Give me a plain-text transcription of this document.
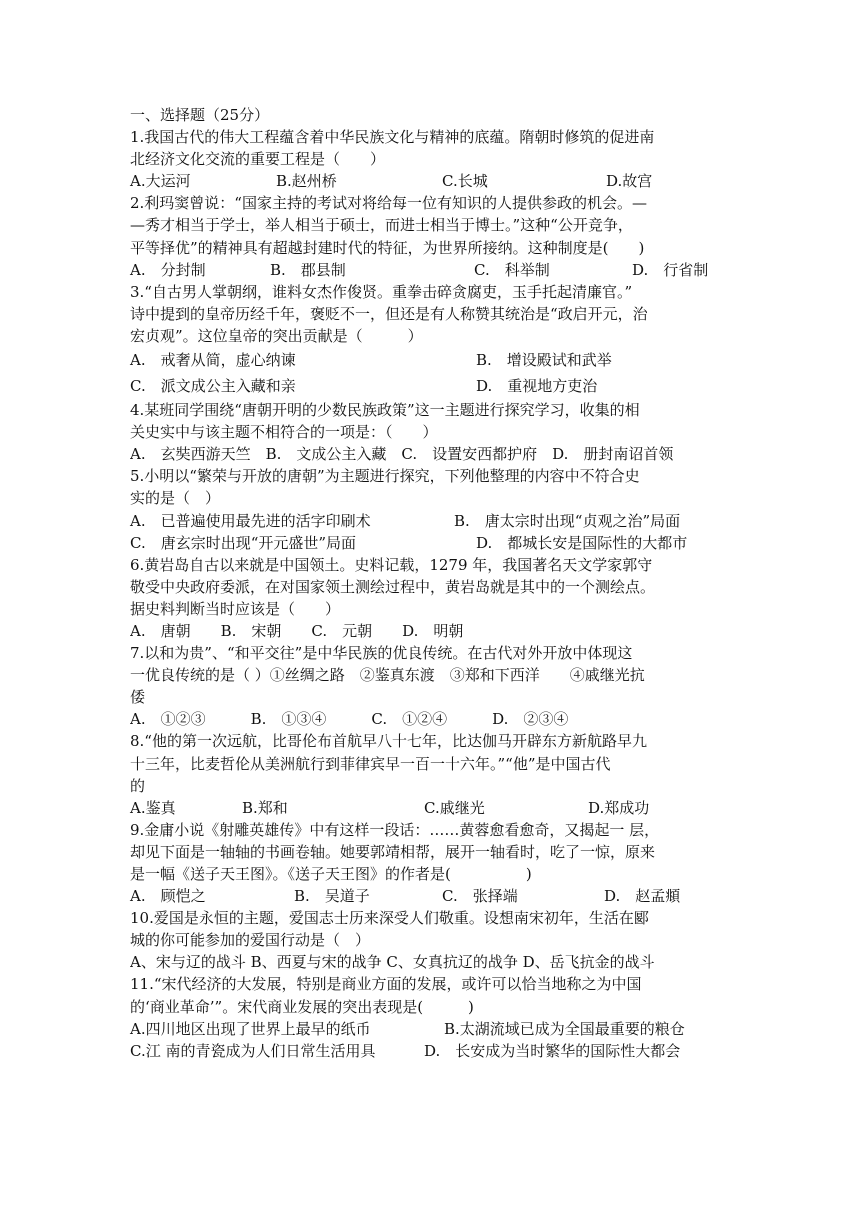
一、选择题（25分）
1.我国古代的伟大工程蕴含着中华民族文化与精神的底蕴。隋朝时修筑的促进南
北经济文化交流的重要工程是（　　）
A.大运河	B.赵州桥	C.长城	D.故宫
2.利玛窦曾说：“国家主持的考试对将给每一位有知识的人提供参政的机会。—
—秀才相当于学士，举人相当于硕士，而进士相当于博士。”这种“公开竞争，
平等择优”的精神具有超越封建时代的特征，为世界所接纳。这种制度是(　　)
A.　分封制	B.　郡县制	C.　科举制	D.　行省制
3.“自古男人掌朝纲，谁料女杰作俊贤。重拳击碎贪腐吏，玉手托起清廉官。”
诗中提到的皇帝历经千年，褒贬不一，但还是有人称赞其统治是“政启开元，治
宏贞观”。这位皇帝的突出贡献是（　　　）
A.　戒奢从简，虚心纳谏	B.　增设殿试和武举
C.　派文成公主入藏和亲	D.　重视地方吏治
4.某班同学围绕“唐朝开明的少数民族政策”这一主题进行探究学习，收集的相
关史实中与该主题不相符合的一项是：（　　）
A.　玄奘西游天竺　B.　文成公主入藏　C.　设置安西都护府　D.　册封南诏首领
5.小明以“繁荣与开放的唐朝”为主题进行探究，下列他整理的内容中不符合史
实的是（　）
A.　已普遍使用最先进的活字印刷术	B.　唐太宗时出现“贞观之治”局面
C.　唐玄宗时出现“开元盛世”局面	D.　都城长安是国际性的大都市
6.黄岩岛自古以来就是中国领土。史料记载，1279 年，我国著名天文学家郭守
敬受中央政府委派，在对国家领土测绘过程中，黄岩岛就是其中的一个测绘点。
据史料判断当时应该是（　　）
A.　唐朝　　B.　宋朝　　C.　元朝　　D.　明朝
7.以和为贵”、“和平交往”是中华民族的优良传统。在古代对外开放中体现这
一优良传统的是（ ）①丝绸之路　②鉴真东渡　③郑和下西洋　　④戚继光抗
倭
A.　①②③　　　B.　①③④　　　C.　①②④　　　D.　②③④
8.“他的第一次远航，比哥伦布首航早八十七年，比达伽马开辟东方新航路早九
十三年，比麦哲伦从美洲航行到菲律宾早一百一十六年。”“他”是中国古代
的
A.鉴真	B.郑和	C.戚继光	D.郑成功
9.金庸小说《射雕英雄传》中有这样一段话：……黄蓉愈看愈奇，又揭起一 层，
却见下面是一轴轴的书画卷轴。她要郭靖相帮，展开一轴看时，吃了一惊，原来
是一幅《送子天王图》。《送子天王图》的作者是(　　　　　)
A.　顾恺之	B.　吴道子	C.　张择端	D.　赵孟頫
10.爱国是永恒的主题，爱国志士历来深受人们敬重。设想南宋初年，生活在郾
城的你可能参加的爱国行动是（　）
A、宋与辽的战斗 B、西夏与宋的战争 C、女真抗辽的战争 D、岳飞抗金的战斗
11.“宋代经济的大发展，特别是商业方面的发展，或许可以恰当地称之为中国
的‘商业革命’”。宋代商业发展的突出表现是(　　　)
A.四川地区出现了世界上最早的纸币	B.太湖流域已成为全国最重要的粮仓
C.江 南的青瓷成为人们日常生活用具	D.　长安成为当时繁华的国际性大都会
